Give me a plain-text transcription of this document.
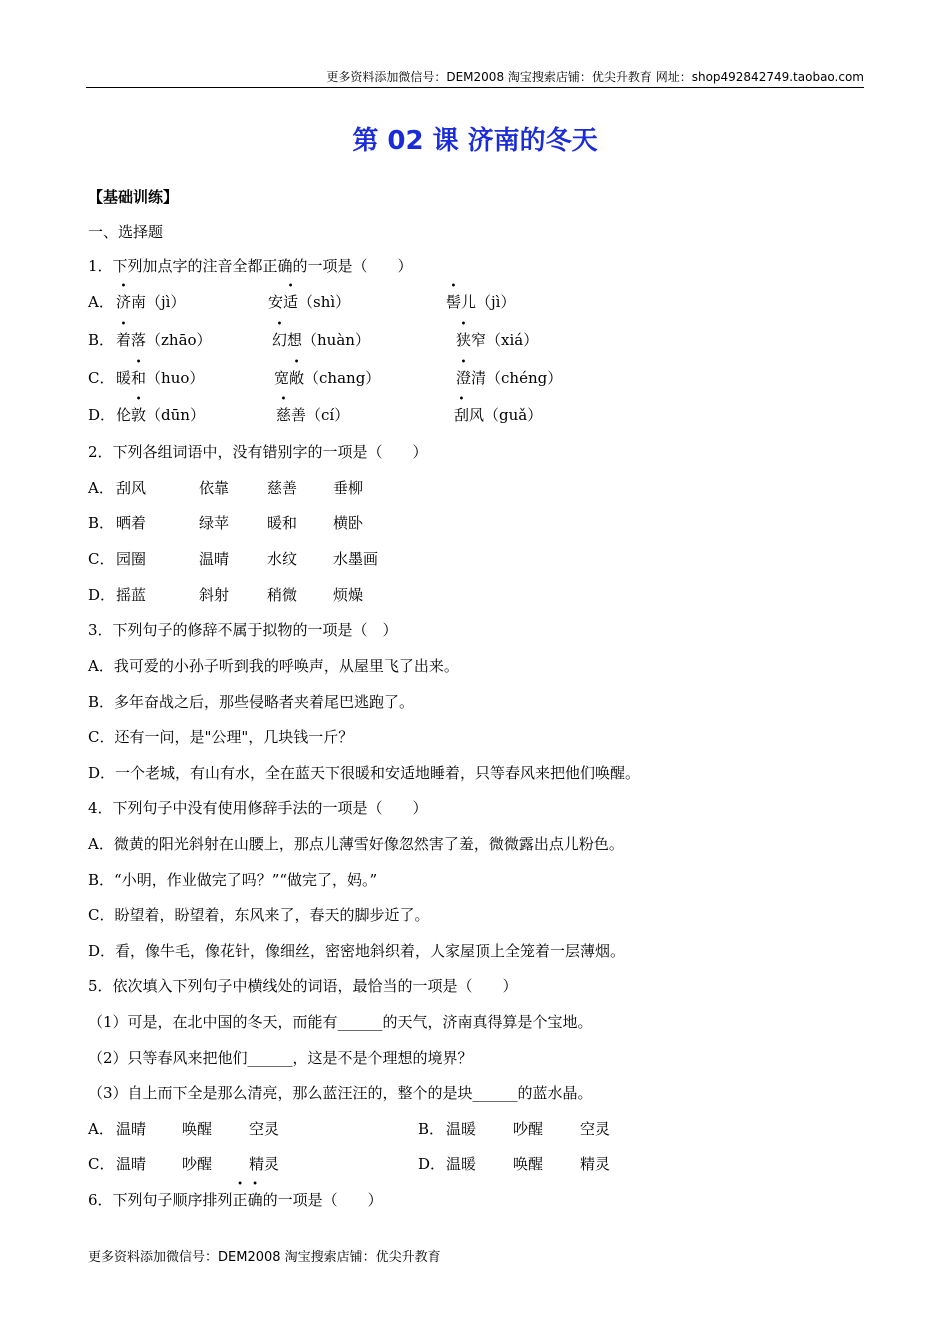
更多资料添加微信号：DEM2008 淘宝搜索店铺：优尖升教育 网址：shop492842749.taobao.com
第 02 课 济南的冬天
【基础训练】
一、选择题
1．下列加点字的注音全都正确的一项是（　　）
A． 济南（jì）	安适（shì）	髻儿（jì）
B． 着落（zhāo）	幻想（huàn）	狭窄（xiá）
C． 暖和（huo）	宽敞（chang）	澄清（chéng）
D． 伦敦（dūn）	慈善（cí）	刮风（guǎ）
2．下列各组词语中，没有错别字的一项是（　　）
A． 刮风	依靠	慈善 垂柳
B． 晒着	绿苹	暖和 横卧
C． 园圈	温晴	水纹 水墨画
D． 摇蓝	斜射	稍微 烦燥
3．下列句子的修辞不属于拟物的一项是（　）
A．我可爱的小孙子听到我的呼唤声，从屋里飞了出来。
B．多年奋战之后，那些侵略者夹着尾巴逃跑了。
C．还有一问，是"公理"，几块钱一斤？
D．一个老城，有山有水，全在蓝天下很暖和安适地睡着，只等春风来把他们唤醒。
4．下列句子中没有使用修辞手法的一项是（　　）
A．微黄的阳光斜射在山腰上，那点儿薄雪好像忽然害了羞，微微露出点儿粉色。
B．“小明，作业做完了吗？”“做完了，妈。”
C．盼望着，盼望着，东风来了，春天的脚步近了。
D．看，像牛毛，像花针，像细丝，密密地斜织着，人家屋顶上全笼着一层薄烟。
5．依次填入下列句子中横线处的词语，最恰当的一项是（　　）
（1）可是，在北中国的冬天，而能有______的天气，济南真得算是个宝地。
（2）只等春风来把他们______，这是不是个理想的境界？
（3）自上而下全是那么清亮，那么蓝汪汪的，整个的是块______的蓝水晶。
A． 温晴 唤醒 空灵	B． 温暖 吵醒 空灵
C． 温晴 吵醒 精灵	D． 温暖 唤醒 精灵
6．下列句子顺序排列正确的一项是（　　）
更多资料添加微信号：DEM2008 淘宝搜索店铺：优尖升教育
